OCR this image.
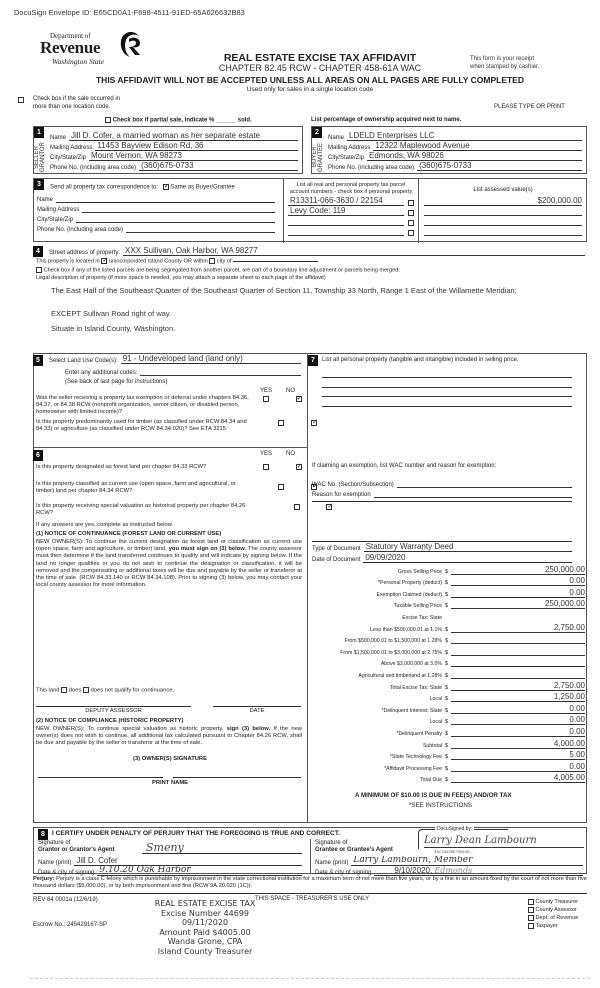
DocuSign Envelope ID: E65CD0A1-F698-4511-91ED-65A626632B83
Department of
Revenue
Washington State	REAL ESTATE EXCISE TAX AFFIDAVIT
CHAPTER 82.45 RCW - CHAPTER 458-61A WAC
THIS AFFIDAVIT WILL NOT BE ACCEPTED UNLESS ALL AREAS ON ALL PAGES ARE FULLY COMPLETED
Used only for sales in a single location code
This form is your receipt
when stamped by cashier.
Check box if the sale occurred in
more than one location code.	PLEASE TYPE OR PRINT
Check box if partial sale, indicate % ______ sold.	List percentage of ownership acquired next to name.
1
SELLER
GRANTOR
Name Jill D. Cofer, a married woman as her separate estate
Mailing Address 11453 Bayview Edison Rd, 36
City/State/Zip Mount Vernon, WA 98273
Phone No. (including area code) (360)675-0733
2
BUYER
GRANTEE
Name LDELD Enterprises LLC
Mailing Address 12322 Maplewood Avenue
City/State/Zip Edmonds, WA 98026
Phone No. (including area code) (360)675-0733
3	Send all property tax correspondence to: ✓ Same as Buyer/Grantee
Name
Mailing Address
City/State/Zip
Phone No. (including area code)
List all real and personal property tax parcel
account numbers - check box if personal property	List assessed value(s)
R13311-066-3630 / 22154
Levy Code: 119
$200,000.00
4	Street address of property: XXX Sullivan, Oak Harbor, WA 98277
This property is located in ✓ unincorporated Island County OR within city of
Check box if any of the listed parcels are being segregated from another parcel, are part of a boundary line adjustment or parcels being merged.
Legal description of property (if more space is needed, you may attach a separate sheet to each page of the affidavit)
The East Half of the Southeast Quarter of the Southeast Quarter of Section 11, Township 33 North, Range 1 East of the Willamette Meridian;
EXCEPT Sullivan Road right of way.
Situate in Island County, Washington.
5	Select Land Use Code(s): 91 - Undeveloped land (land only)
Enter any additional codes:
(See back of last page for instructions)
YES NO
Was the seller receiving a property tax exemption or deferral under chapters 84.36, 84.37, or 84.38 RCW (nonprofit organization, senior citizen, or disabled person, homeowner with limited income)?
✓
Is this property predominantly used for timber (as classified under RCW 84.34 and 84.33) or agriculture (as classified under RCW 84.34.020)? See ETA 3215
✓
6	YES NO
Is this property designated as forest land per chapter 84.33 RCW?
✓
Is this property classified as current use (open space, farm and agricultural, or timber) land per chapter 84.34 RCW?
✓
Is this property receiving special valuation as historical property per chapter 84.26 RCW?
✓
If any answers are yes, complete as instructed below.
(1) NOTICE OF CONTINUANCE (FOREST LAND OR CURRENT USE)
NEW OWNER(S): To continue the current designation as forest land or classification as current use (open space, farm and agriculture, or timber) land, you must sign on (3) below. The county assessor must then determine if the land transferred continues to qualify and will indicate by signing below. If the land no longer qualifies or you do not wish to continue the designation or classification, it will be removed and the compensating or additional taxes will be due and payable by the seller or transferor at the time of sale. (RCW 84.33.140 or RCW 84.34.108). Prior to signing (3) below, you may contact your local county assessor for more information.
This land does does not qualify for continuance.
DEPUTY ASSESSOR	DATE
(2) NOTICE OF COMPLIANCE (HISTORIC PROPERTY)
NEW OWNER(S): To continue special valuation as historic property, sign (3) below. If the new owner(s) does not wish to continue, all additional tax calculated pursuant to Chapter 84.26 RCW, shall be due and payable by the seller or transferor at the time of sale.
(3) OWNER(S) SIGNATURE
PRINT NAME
7	List all personal property (tangible and intangible) included in selling price.
If claiming an exemption, list WAC number and reason for exemption:
WAC No. (Section/Subsection)
Reason for exemption
Type of Document Statutory Warranty Deed
Date of Document 09/09/2020
Gross Selling Price $	250,000.00
*Personal Property (deduct) $	0.00
Exemption Claimed (deduct) $	0.00
Taxable Selling Price $	250,000.00
Excise Tax: State
Less than $500,000.01 at 1.1% $	2,750.00
From $500,000.01 to $1,500,000 at 1.28% $
From $1,500,000.01 to $3,000,000 at 2.75% $
Above $3,000,000 at 3.0% $
Agricultural and timberland at 1.28% $
Total Excise Tax: State $	2,750.00
Local $	1,250.00
*Delinquent Interest: State $	0.00
Local $	0.00
*Delinquent Penalty $	0.00
Subtotal $	4,000.00
*State Technology Fee $	5.00
*Affidavit Processing Fee $	0.00
Total Due $	4,005.00
A MINIMUM OF $10.00 IS DUE IN FEE(S) AND/OR TAX
*SEE INSTRUCTIONS
8	I CERTIFY UNDER PENALTY OF PERJURY THAT THE FOREGOING IS TRUE AND CORRECT.
Signature of
Grantor or Grantor's Agent	Smeny
Name (print) Jill D. Cofer
Date & city of signing 9.10.20 Oak Harbor
Signature of
Grantee or Grantee's Agent
DocuSigned by:
Larry Dean Lambourn
3AC18428E79549D...
Name (print) Larry Lambourn, Member
Date & city of signing	9/10/2020, Edmonds
Perjury: Perjury is a class C felony which is punishable by imprisonment in the state correctional institution for a maximum term of not more than five years, or by a fine in an amount fixed by the court of not more than five thousand dollars ($5,000.00), or by both imprisonment and fine (RCW 9A.20.020 (1C)).
REV 84 0001a (12/6/19)
Escrow No.: 245429167-SP
THIS SPACE - TREASURER'S USE ONLY
REAL ESTATE EXCISE TAX
Excise Number 44699
09/11/2020
Amount Paid $4005.00
Wanda Grone, CPA
Island County Treasurer
County Treasurer
County Assessor
Dept. of Revenue
Taxpayer
